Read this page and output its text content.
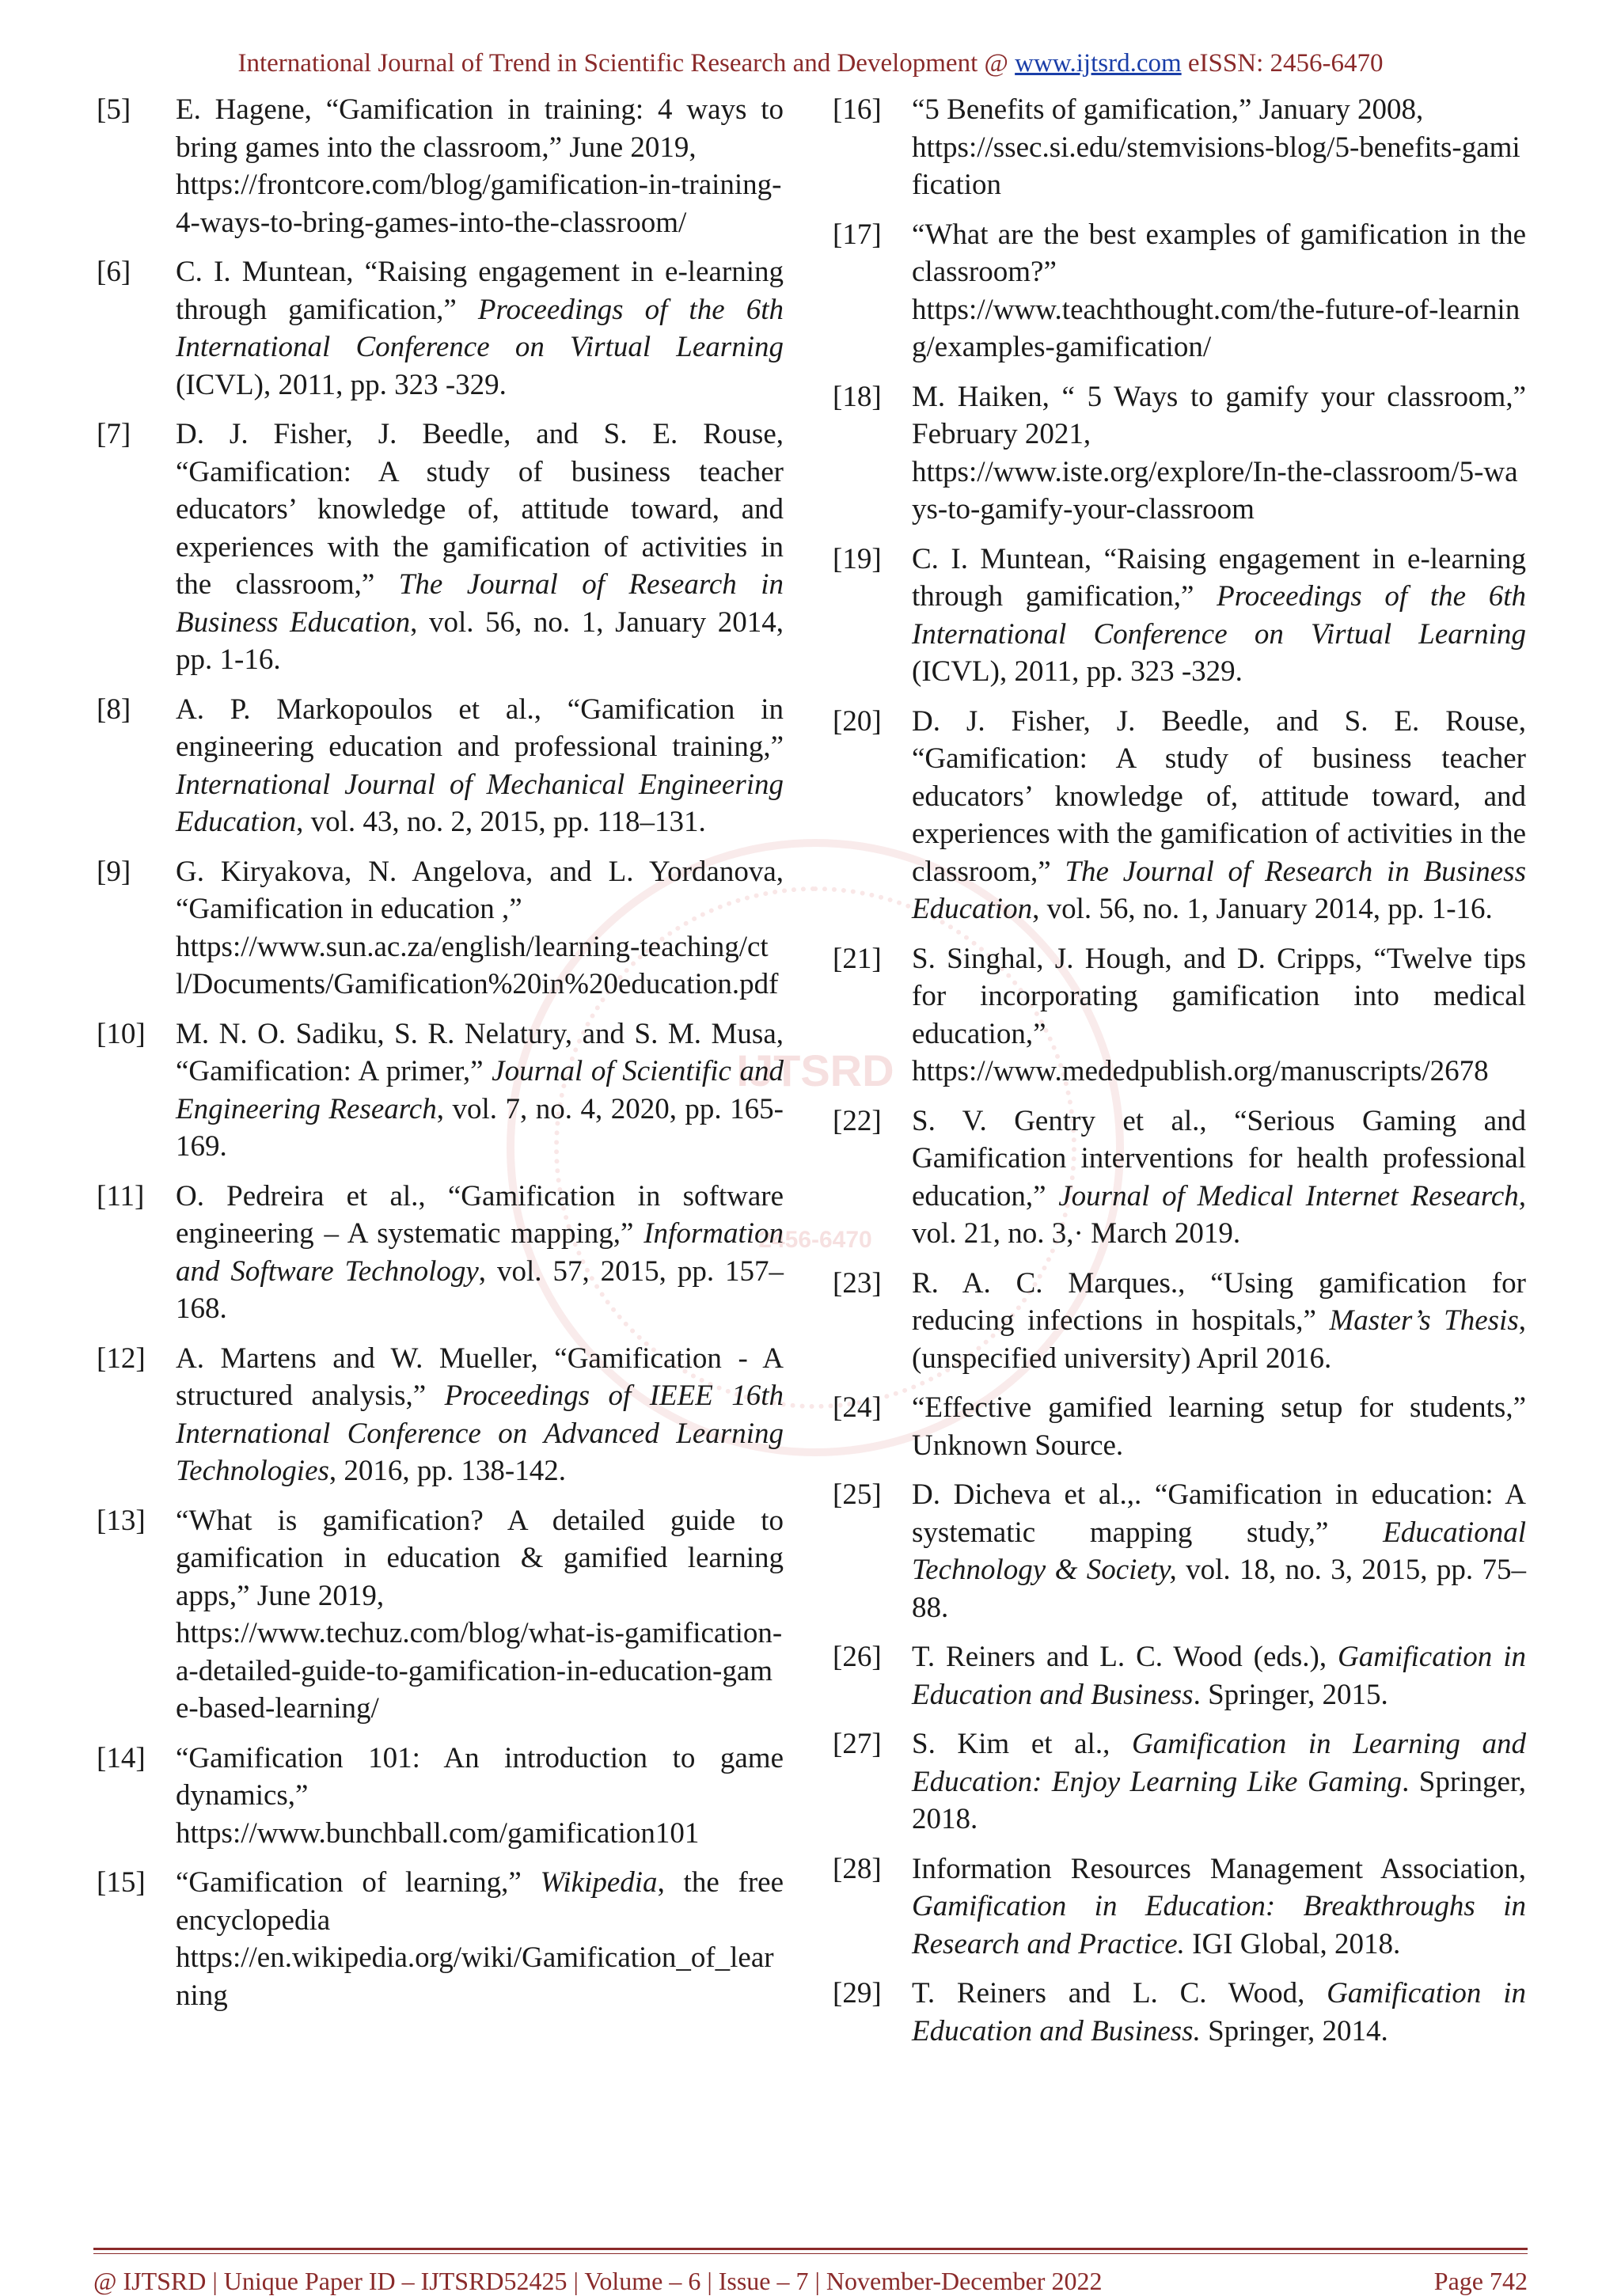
International Journal of Trend in Scientific Research and Development @ www.ijtsrd.com eISSN: 2456-6470
IJTSRD
2456-6470
[5] E. Hagene, “Gamification in training: 4 ways to bring games into the classroom,” June 2019,
https://frontcore.com/blog/gamification-in-training-4-ways-to-bring-games-into-the-classroom/
[6] C. I. Muntean, “Raising engagement in e-learning through gamification,” Proceedings of the 6th International Conference on Virtual Learning (ICVL), 2011, pp. 323 -329.
[7] D. J. Fisher, J. Beedle, and S. E. Rouse, “Gamification: A study of business teacher educators’ knowledge of, attitude toward, and experiences with the gamification of activities in the classroom,” The Journal of Research in Business Education, vol. 56, no. 1, January 2014, pp. 1-16.
[8] A. P. Markopoulos et al., “Gamification in engineering education and professional training,” International Journal of Mechanical Engineering Education, vol. 43, no. 2, 2015, pp. 118–131.
[9] G. Kiryakova, N. Angelova, and L. Yordanova, “Gamification in education ,”
https://www.sun.ac.za/english/learning-teaching/ctl/Documents/Gamification%20in%20education.pdf
[10] M. N. O. Sadiku, S. R. Nelatury, and S. M. Musa, “Gamification: A primer,” Journal of Scientific and Engineering Research, vol. 7, no. 4, 2020, pp. 165-169.
[11] O. Pedreira et al., “Gamification in software engineering – A systematic mapping,” Information and Software Technology, vol. 57, 2015, pp. 157–168.
[12] A. Martens and W. Mueller, “Gamification - A structured analysis,” Proceedings of IEEE 16th International Conference on Advanced Learning Technologies, 2016, pp. 138-142.
[13] “What is gamification? A detailed guide to gamification in education & gamified learning apps,” June 2019,
https://www.techuz.com/blog/what-is-gamification-a-detailed-guide-to-gamification-in-education-game-based-learning/
[14] “Gamification 101: An introduction to game dynamics,”
https://www.bunchball.com/gamification101
[15] “Gamification of learning,” Wikipedia, the free encyclopedia
https://en.wikipedia.org/wiki/Gamification_of_learning
[16] “5 Benefits of gamification,” January 2008,
https://ssec.si.edu/stemvisions-blog/5-benefits-gamification
[17] “What are the best examples of gamification in the classroom?”
https://www.teachthought.com/the-future-of-learning/examples-gamification/
[18] M. Haiken, “ 5 Ways to gamify your classroom,” February 2021,
https://www.iste.org/explore/In-the-classroom/5-ways-to-gamify-your-classroom
[19] C. I. Muntean, “Raising engagement in e-learning through gamification,” Proceedings of the 6th International Conference on Virtual Learning (ICVL), 2011, pp. 323 -329.
[20] D. J. Fisher, J. Beedle, and S. E. Rouse, “Gamification: A study of business teacher educators’ knowledge of, attitude toward, and experiences with the gamification of activities in the classroom,” The Journal of Research in Business Education, vol. 56, no. 1, January 2014, pp. 1-16.
[21] S. Singhal, J. Hough, and D. Cripps, “Twelve tips for incorporating gamification into medical education,”
https://www.mededpublish.org/manuscripts/2678
[22] S. V. Gentry et al., “Serious Gaming and Gamification interventions for health professional education,” Journal of Medical Internet Research, vol. 21, no. 3,· March 2019.
[23] R. A. C. Marques., “Using gamification for reducing infections in hospitals,” Master’s Thesis, (unspecified university) April 2016.
[24] “Effective gamified learning setup for students,” Unknown Source.
[25] D. Dicheva et al.,. “Gamification in education: A systematic mapping study,” Educational Technology & Society, vol. 18, no. 3, 2015, pp. 75–88.
[26] T. Reiners and L. C. Wood (eds.), Gamification in Education and Business. Springer, 2015.
[27] S. Kim et al., Gamification in Learning and Education: Enjoy Learning Like Gaming. Springer, 2018.
[28] Information Resources Management Association, Gamification in Education: Breakthroughs in Research and Practice. IGI Global, 2018.
[29] T. Reiners and L. C. Wood, Gamification in Education and Business. Springer, 2014.
@ IJTSRD | Unique Paper ID – IJTSRD52425 | Volume – 6 | Issue – 7 | November-December 2022	Page 742
